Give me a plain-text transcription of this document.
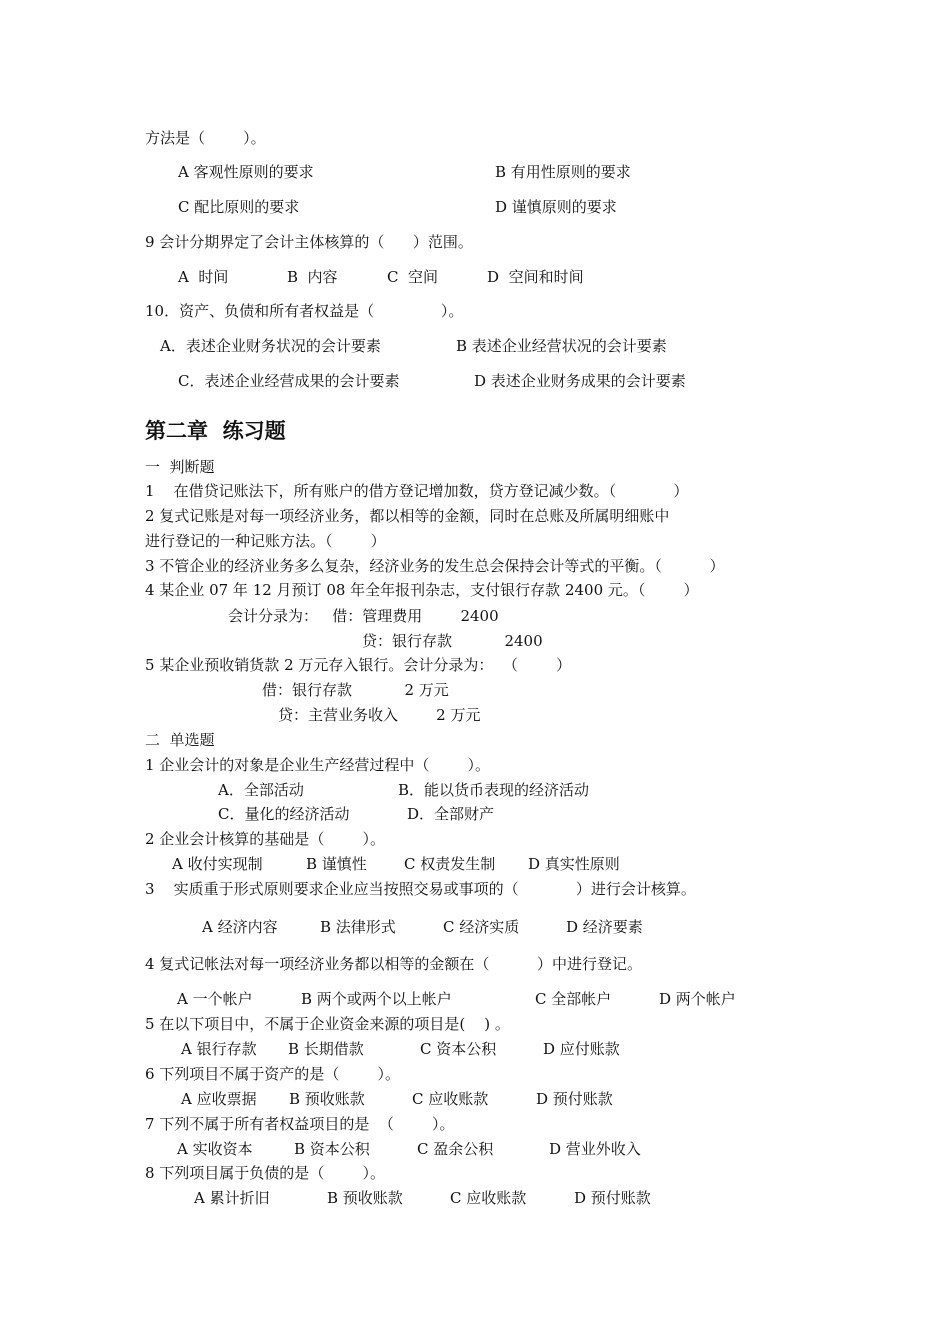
方法是（        ）。
A 客观性原则的要求	B 有用性原则的要求
C 配比原则的要求	D 谨慎原则的要求
9 会计分期界定了会计主体核算的（      ）范围。
A  时间	B  内容	C  空间	D  空间和时间
10．资产、负债和所有者权益是（              ）。
A．表述企业财务状况的会计要素	B 表述企业经营状况的会计要素
C．表述企业经营成果的会计要素	D 表述企业财务成果的会计要素
第二章  练习题
一  判断题
1    在借贷记账法下，所有账户的借方登记增加数，贷方登记减少数。（            ）
2 复式记账是对每一项经济业务，都以相等的金额，同时在总账及所属明细账中
进行登记的一种记账方法。（        ）
3 不管企业的经济业务多么复杂，经济业务的发生总会保持会计等式的平衡。（          ）
4 某企业 07 年 12 月预订 08 年全年报刊杂志，支付银行存款 2400 元。（        ）
会计分录为：   借：管理费用        2400
贷：银行存款           2400
5 某企业预收销货款 2 万元存入银行。会计分录为：  （        ）
借：银行存款           2 万元
贷：主营业务收入        2 万元
二  单选题
1 企业会计的对象是企业生产经营过程中（        ）。
A．全部活动	B．能以货币表现的经济活动
C．量化的经济活动	D．全部财产
2 企业会计核算的基础是（        ）。
A 收付实现制	B 谨慎性 C 权责发生制 D 真实性原则
3    实质重于形式原则要求企业应当按照交易或事项的（            ）进行会计核算。
A 经济内容	B 法律形式	C 经济实质	D 经济要素
4 复式记帐法对每一项经济业务都以相等的金额在（          ）中进行登记。
A 一个帐户	B 两个或两个以上帐户	C 全部帐户	D 两个帐户
5 在以下项目中，不属于企业资金来源的项目是(    ) 。
A 银行存款 B 长期借款	C 资本公积	D 应付账款
6 下列项目不属于资产的是（        ）。
A 应收票据 B 预收账款	C 应收账款	D 预付账款
7 下列不属于所有者权益项目的是  （        ）。
A 实收资本	B 资本公积	C 盈余公积	D 营业外收入
8 下列项目属于负债的是（        ）。
A 累计折旧	B 预收账款	C 应收账款	D 预付账款
